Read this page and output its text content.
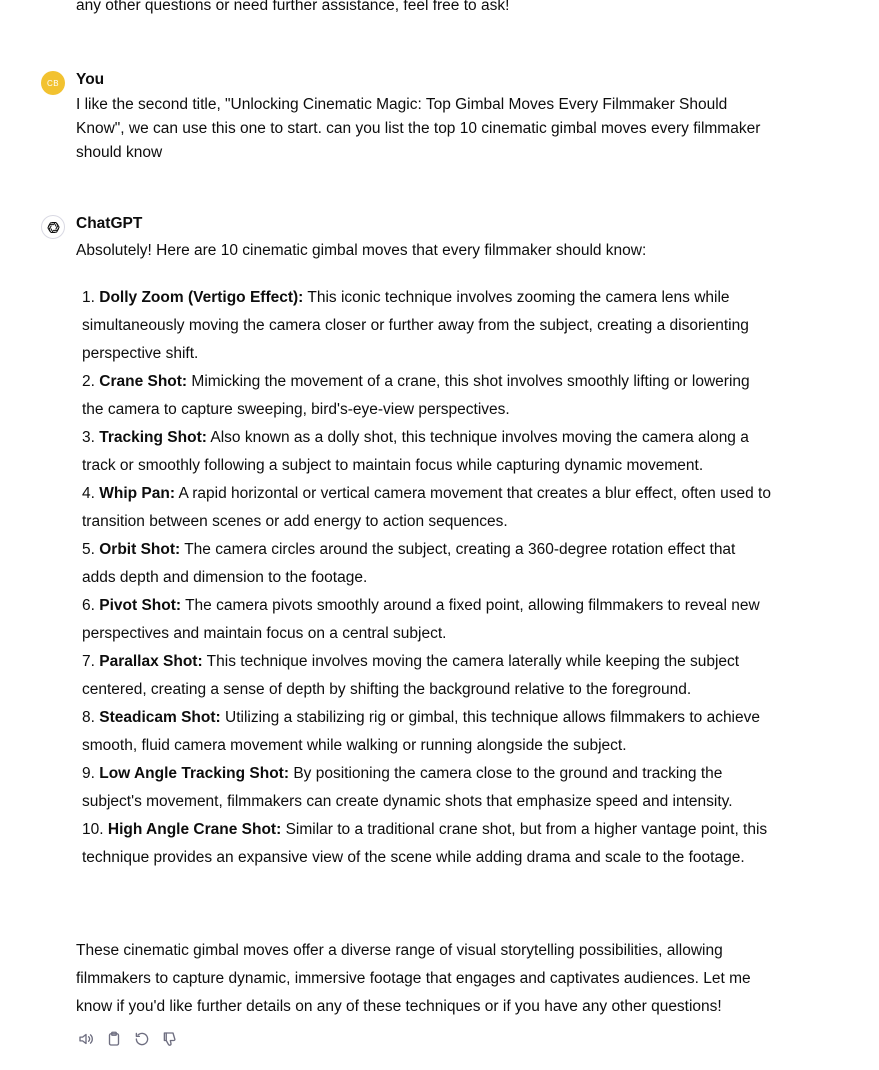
any other questions or need further assistance, feel free to ask!
CB You
I like the second title, "Unlocking Cinematic Magic: Top Gimbal Moves Every Filmmaker Should Know", we can use this one to start. can you list the top 10 cinematic gimbal moves every filmmaker should know
ChatGPT
Absolutely! Here are 10 cinematic gimbal moves that every filmmaker should know:
1. Dolly Zoom (Vertigo Effect): This iconic technique involves zooming the camera lens while simultaneously moving the camera closer or further away from the subject, creating a disorienting perspective shift.
2. Crane Shot: Mimicking the movement of a crane, this shot involves smoothly lifting or lowering the camera to capture sweeping, bird's-eye-view perspectives.
3. Tracking Shot: Also known as a dolly shot, this technique involves moving the camera along a track or smoothly following a subject to maintain focus while capturing dynamic movement.
4. Whip Pan: A rapid horizontal or vertical camera movement that creates a blur effect, often used to transition between scenes or add energy to action sequences.
5. Orbit Shot: The camera circles around the subject, creating a 360-degree rotation effect that adds depth and dimension to the footage.
6. Pivot Shot: The camera pivots smoothly around a fixed point, allowing filmmakers to reveal new perspectives and maintain focus on a central subject.
7. Parallax Shot: This technique involves moving the camera laterally while keeping the subject centered, creating a sense of depth by shifting the background relative to the foreground.
8. Steadicam Shot: Utilizing a stabilizing rig or gimbal, this technique allows filmmakers to achieve smooth, fluid camera movement while walking or running alongside the subject.
9. Low Angle Tracking Shot: By positioning the camera close to the ground and tracking the subject's movement, filmmakers can create dynamic shots that emphasize speed and intensity.
10. High Angle Crane Shot: Similar to a traditional crane shot, but from a higher vantage point, this technique provides an expansive view of the scene while adding drama and scale to the footage.
These cinematic gimbal moves offer a diverse range of visual storytelling possibilities, allowing filmmakers to capture dynamic, immersive footage that engages and captivates audiences. Let me know if you'd like further details on any of these techniques or if you have any other questions!
